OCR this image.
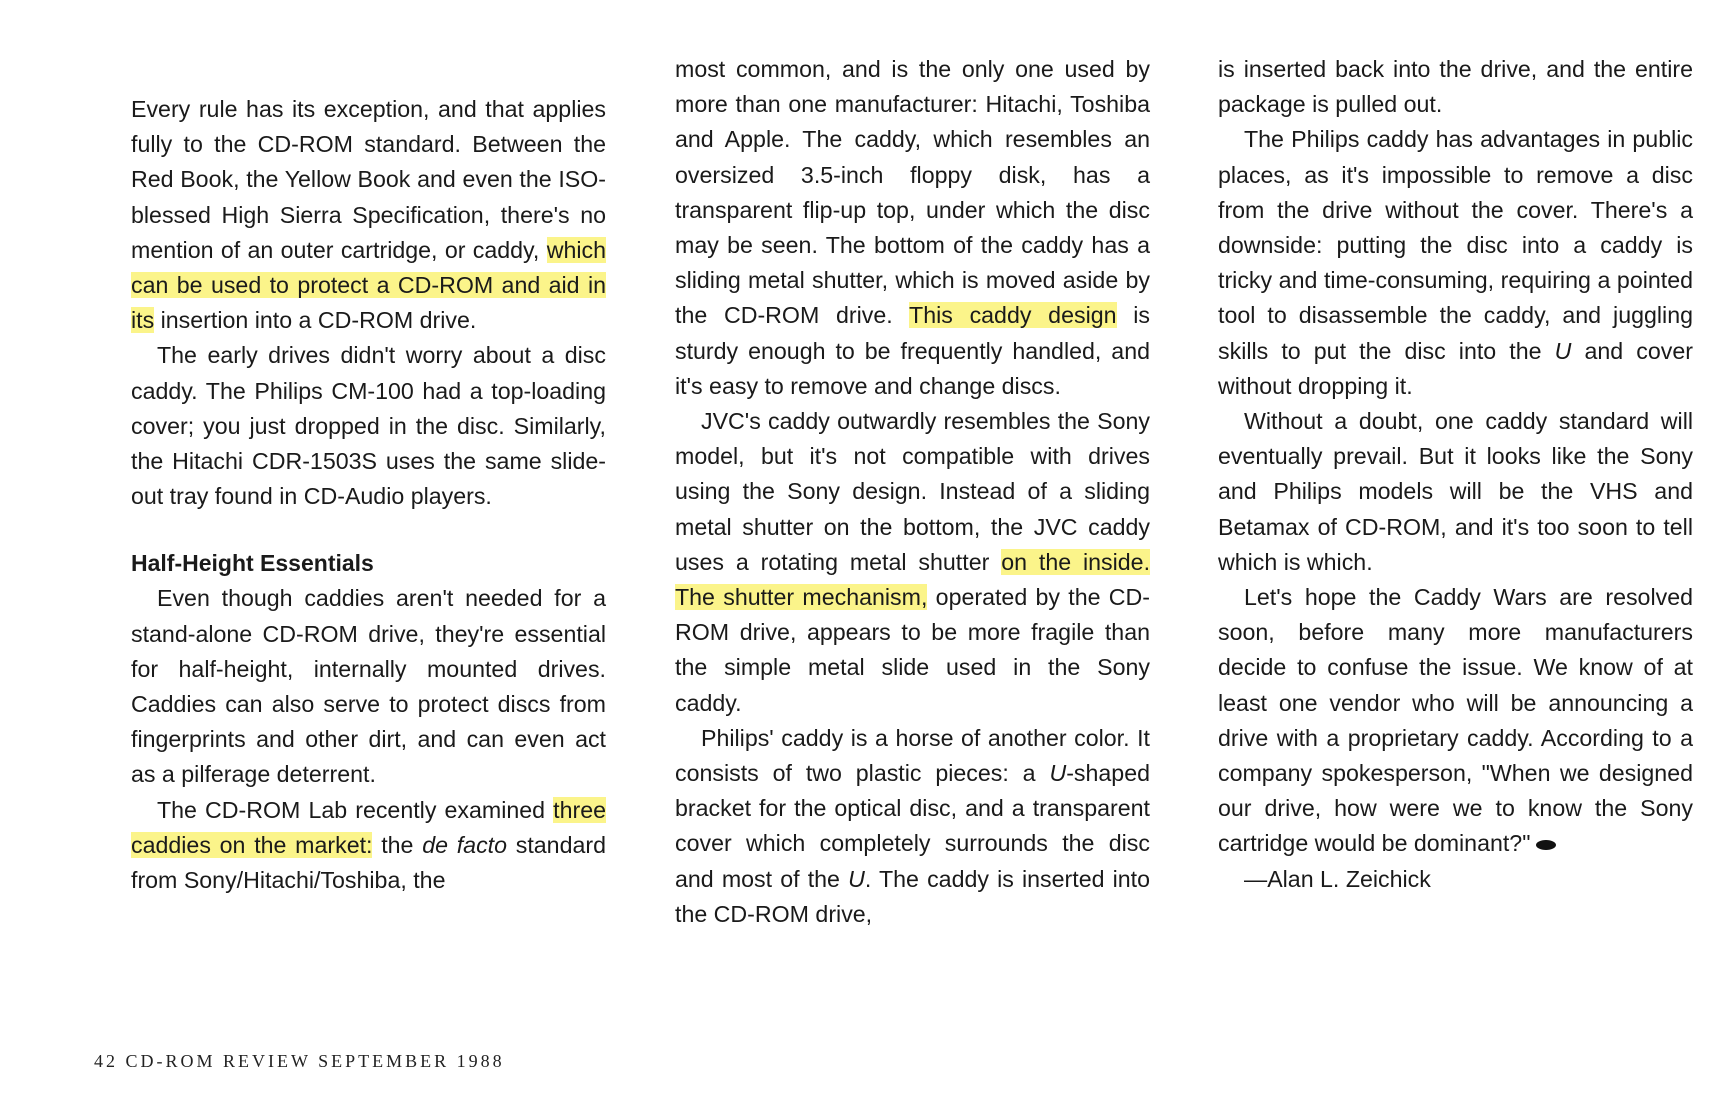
Every rule has its exception, and that applies fully to the CD-ROM standard. Between the Red Book, the Yellow Book and even the ISO-blessed High Sierra Specification, there's no mention of an outer cartridge, or caddy, which can be used to protect a CD-ROM and aid in its insertion into a CD-ROM drive.

The early drives didn't worry about a disc caddy. The Philips CM-100 had a top-loading cover; you just dropped in the disc. Similarly, the Hitachi CDR-1503S uses the same slide-out tray found in CD-Audio players.

Half-Height Essentials

Even though caddies aren't needed for a stand-alone CD-ROM drive, they're essential for half-height, internally mounted drives. Caddies can also serve to protect discs from fingerprints and other dirt, and can even act as a pilferage deterrent.

The CD-ROM Lab recently examined three caddies on the market: the de facto standard from Sony/Hitachi/Toshiba, the

most common, and is the only one used by more than one manufacturer: Hitachi, Toshiba and Apple. The caddy, which resembles an oversized 3.5-inch floppy disk, has a transparent flip-up top, under which the disc may be seen. The bottom of the caddy has a sliding metal shutter, which is moved aside by the CD-ROM drive. This caddy design is sturdy enough to be frequently handled, and it's easy to remove and change discs.

JVC's caddy outwardly resembles the Sony model, but it's not compatible with drives using the Sony design. Instead of a sliding metal shutter on the bottom, the JVC caddy uses a rotating metal shutter on the inside. The shutter mechanism, operated by the CD-ROM drive, appears to be more fragile than the simple metal slide used in the Sony caddy.

Philips' caddy is a horse of another color. It consists of two plastic pieces: a U-shaped bracket for the optical disc, and a transparent cover which completely surrounds the disc and most of the U. The caddy is inserted into the CD-ROM drive,

is inserted back into the drive, and the entire package is pulled out.

The Philips caddy has advantages in public places, as it's impossible to remove a disc from the drive without the cover. There's a downside: putting the disc into a caddy is tricky and time-consuming, requiring a pointed tool to disassemble the caddy, and juggling skills to put the disc into the U and cover without dropping it.

Without a doubt, one caddy standard will eventually prevail. But it looks like the Sony and Philips models will be the VHS and Betamax of CD-ROM, and it's too soon to tell which is which.

Let's hope the Caddy Wars are resolved soon, before many more manufacturers decide to confuse the issue. We know of at least one vendor who will be announcing a drive with a proprietary caddy. According to a company spokesperson, "When we designed our drive, how were we to know the Sony cartridge would be dominant?"

—Alan L. Zeichick

42 CD-ROM REVIEW SEPTEMBER 1988
